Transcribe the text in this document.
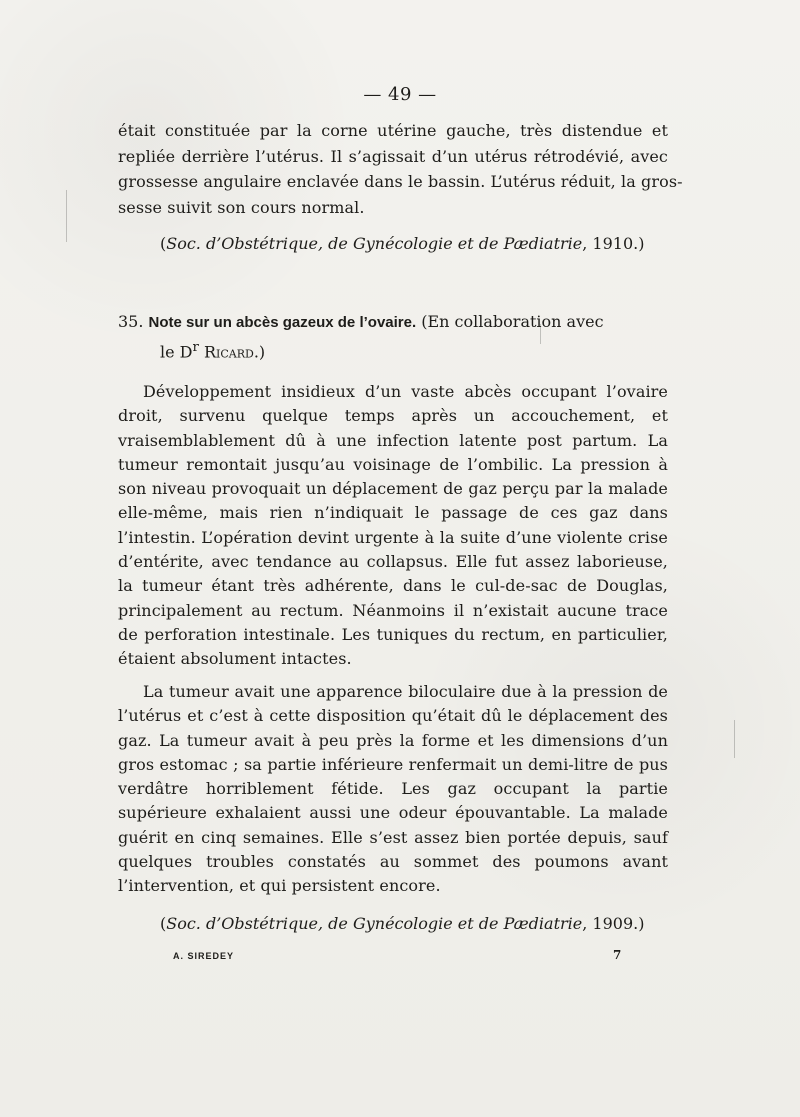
— 49 —
était constituée par la corne utérine gauche, très distendue et
repliée derrière l’utérus. Il s’agissait d’un utérus rétrodévié, avec
grossesse angulaire enclavée dans le bassin. L’utérus réduit, la gros-
sesse suivit son cours normal.
(Soc. d’Obstétrique, de Gynécologie et de Pædiatrie, 1910.)
35. Note sur un abcès gazeux de l’ovaire. (En collaboration avec
le $D^r$ Ricard.)
Développement insidieux d’un vaste abcès occupant l’ovaire droit, survenu quelque temps après un accouchement, et vraisemblablement dû à une infection latente post partum. La tumeur remontait jusqu’au voisinage de l’ombilic. La pression à son niveau provoquait un déplacement de gaz perçu par la malade elle-même, mais rien n’indiquait le passage de ces gaz dans l’intestin. L’opération devint urgente à la suite d’une violente crise d’entérite, avec tendance au collapsus. Elle fut assez laborieuse, la tumeur étant très adhérente, dans le cul-de-sac de Douglas, principalement au rectum. Néanmoins il n’existait aucune trace de perforation intestinale. Les tuniques du rectum, en particulier, étaient absolument intactes.
La tumeur avait une apparence biloculaire due à la pression de l’utérus et c’est à cette disposition qu’était dû le déplacement des gaz. La tumeur avait à peu près la forme et les dimensions d’un gros estomac ; sa partie inférieure renfermait un demi-litre de pus verdâtre horriblement fétide. Les gaz occupant la partie supérieure exhalaient aussi une odeur épouvantable. La malade guérit en cinq semaines. Elle s’est assez bien portée depuis, sauf quelques troubles constatés au sommet des poumons avant l’intervention, et qui persistent encore.
(Soc. d’Obstétrique, de Gynécologie et de Pædiatrie, 1909.)
A. SIREDEY	7
